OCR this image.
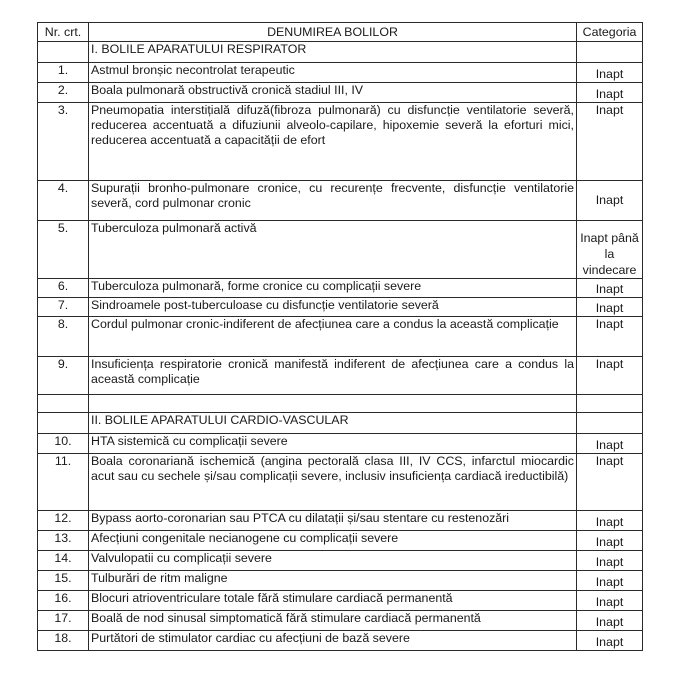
Nr. crt.	DENUMIREA BOLILOR	Categoria
	I. BOLILE APARATULUI RESPIRATOR	
1.	Astmul bronșic necontrolat terapeutic	Inapt
2.	Boala pulmonară obstructivă cronică stadiul III, IV	Inapt
3.	Pneumopatia interstițială difuză(fibroza pulmonară) cu disfuncție ventilatorie severă, reducerea accentuată a difuziunii alveolo-capilare, hipoxemie severă la eforturi mici, reducerea accentuată a capacității de efort	Inapt
4.	Supurații bronho-pulmonare cronice, cu recurențe frecvente, disfuncție ventilatorie severă, cord pulmonar cronic	Inapt
5.	Tuberculoza pulmonară activă	Inapt până la vindecare
6.	Tuberculoza pulmonară, forme cronice cu complicații severe	Inapt
7.	Sindroamele post-tuberculoase cu disfuncție ventilatorie severă	Inapt
8.	Cordul pulmonar cronic-indiferent de afecțiunea care a condus la această complicație	Inapt
9.	Insuficiența respiratorie cronică manifestă indiferent de afecțiunea care a condus la această complicație	Inapt

	II. BOLILE APARATULUI CARDIO-VASCULAR	
10.	HTA sistemică cu complicații severe	Inapt
11.	Boala coronariană ischemică (angina pectorală clasa III, IV CCS, infarctul miocardic acut sau cu sechele și/sau complicații severe, inclusiv insuficiența cardiacă ireductibilă)	Inapt
12.	Bypass aorto-coronarian sau PTCA cu dilatații și/sau stentare cu restenozări	Inapt
13.	Afecțiuni congenitale necianogene cu complicații severe	Inapt
14.	Valvulopatii cu complicații severe	Inapt
15.	Tulburări de ritm maligne	Inapt
16.	Blocuri atrioventriculare totale fără stimulare cardiacă permanentă	Inapt
17.	Boală de nod sinusal simptomatică fără stimulare cardiacă permanentă	Inapt
18.	Purtători de stimulator cardiac cu afecțiuni de bază severe	Inapt
